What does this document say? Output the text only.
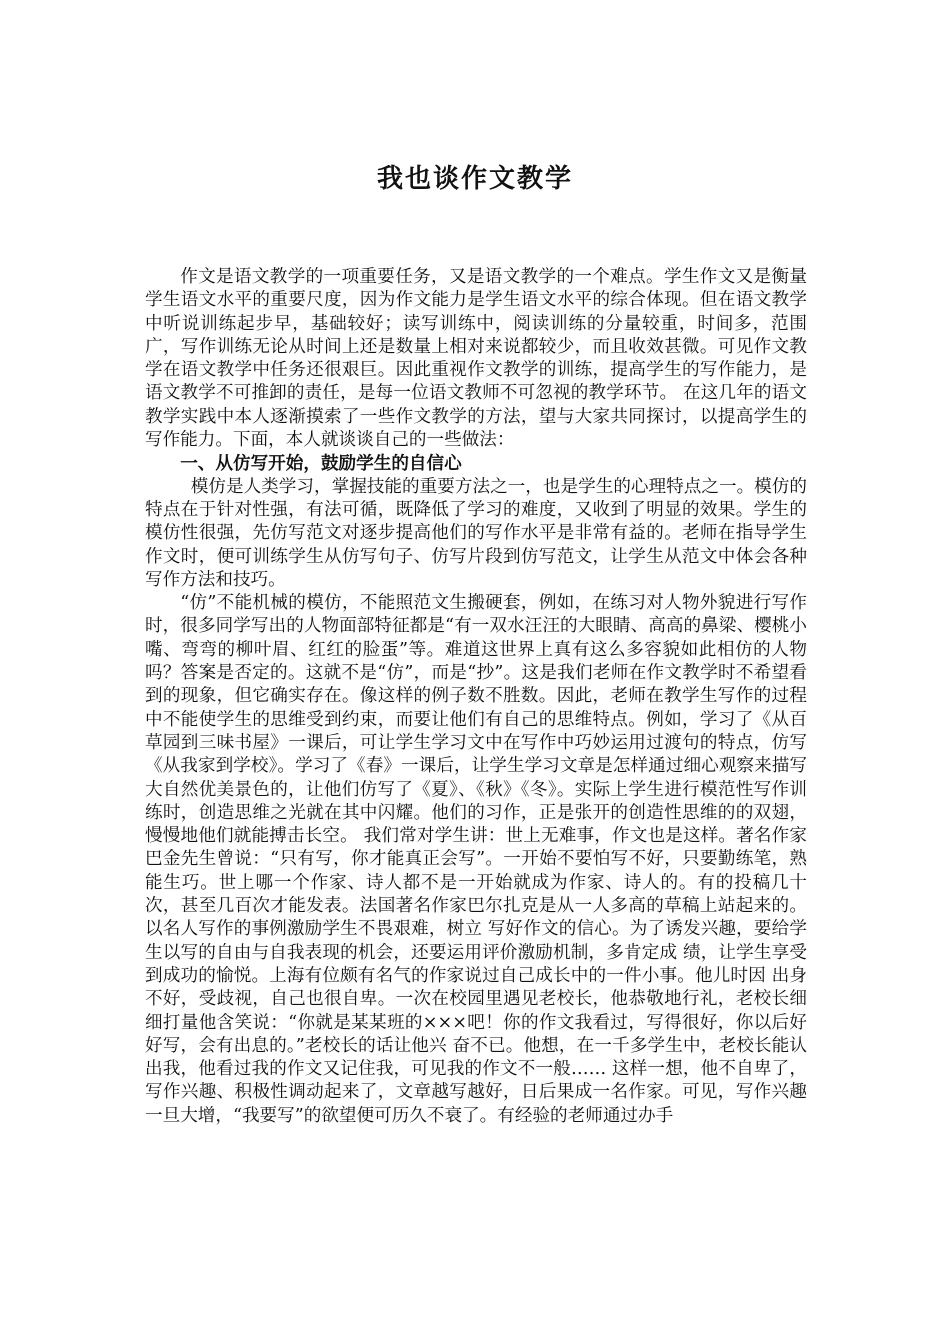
我也谈作文教学

作文是语文教学的一项重要任务，又是语文教学的一个难点。学生作文又是衡量学生语文水平的重要尺度，因为作文能力是学生语文水平的综合体现。但在语文教学中听说训练起步早，基础较好；读写训练中，阅读训练的分量较重，时间多，范围广，写作训练无论从时间上还是数量上相对来说都较少，而且收效甚微。可见作文教学在语文教学中任务还很艰巨。因此重视作文教学的训练，提高学生的写作能力，是语文教学不可推卸的责任，是每一位语文教师不可忽视的教学环节。 在这几年的语文教学实践中本人逐渐摸索了一些作文教学的方法，望与大家共同探讨，以提高学生的写作能力。下面，本人就谈谈自己的一些做法：

一、从仿写开始，鼓励学生的自信心

模仿是人类学习，掌握技能的重要方法之一，也是学生的心理特点之一。模仿的特点在于针对性强，有法可循，既降低了学习的难度，又收到了明显的效果。学生的模仿性很强，先仿写范文对逐步提高他们的写作水平是非常有益的。老师在指导学生作文时，便可训练学生从仿写句子、仿写片段到仿写范文，让学生从范文中体会各种写作方法和技巧。

“仿”不能机械的模仿，不能照范文生搬硬套，例如，在练习对人物外貌进行写作时，很多同学写出的人物面部特征都是“有一双水汪汪的大眼睛、高高的鼻梁、樱桃小嘴、弯弯的柳叶眉、红红的脸蛋”等。难道这世界上真有这么多容貌如此相仿的人物吗？答案是否定的。这就不是“仿”，而是“抄”。这是我们老师在作文教学时不希望看到的现象，但它确实存在。像这样的例子数不胜数。因此，老师在教学生写作的过程中不能使学生的思维受到约束，而要让他们有自己的思维特点。例如，学习了《从百草园到三味书屋》一课后，可让学生学习文中在写作中巧妙运用过渡句的特点，仿写《从我家到学校》。学习了《春》一课后，让学生学习文章是怎样通过细心观察来描写大自然优美景色的，让他们仿写了《夏》、《秋》《冬》。实际上学生进行模范性写作训练时，创造思维之光就在其中闪耀。他们的习作，正是张开的创造性思维的的双翅，慢慢地他们就能搏击长空。 我们常对学生讲：世上无难事，作文也是这样。著名作家巴金先生曾说：“只有写，你才能真正会写”。一开始不要怕写不好，只要勤练笔，熟能生巧。世上哪一个作家、诗人都不是一开始就成为作家、诗人的。有的投稿几十次，甚至几百次才能发表。法国著名作家巴尔扎克是从一人多高的草稿上站起来的。以名人写作的事例激励学生不畏艰难，树立 写好作文的信心。为了诱发兴趣，要给学生以写的自由与自我表现的机会，还要运用评价激励机制，多肯定成 绩，让学生享受到成功的愉悦。上海有位颇有名气的作家说过自己成长中的一件小事。他儿时因 出身不好，受歧视，自己也很自卑。一次在校园里遇见老校长，他恭敬地行礼，老校长细细打量他含笑说：“你就是某某班的×××吧！你的作文我看过，写得很好，你以后好好写，会有出息的。”老校长的话让他兴 奋不已。他想，在一千多学生中，老校长能认出我，他看过我的作文又记住我，可见我的作文不一般…… 这样一想，他不自卑了，写作兴趣、积极性调动起来了，文章越写越好，日后果成一名作家。可见，写作兴趣 一旦大增，“我要写”的欲望便可历久不衰了。有经验的老师通过办手
